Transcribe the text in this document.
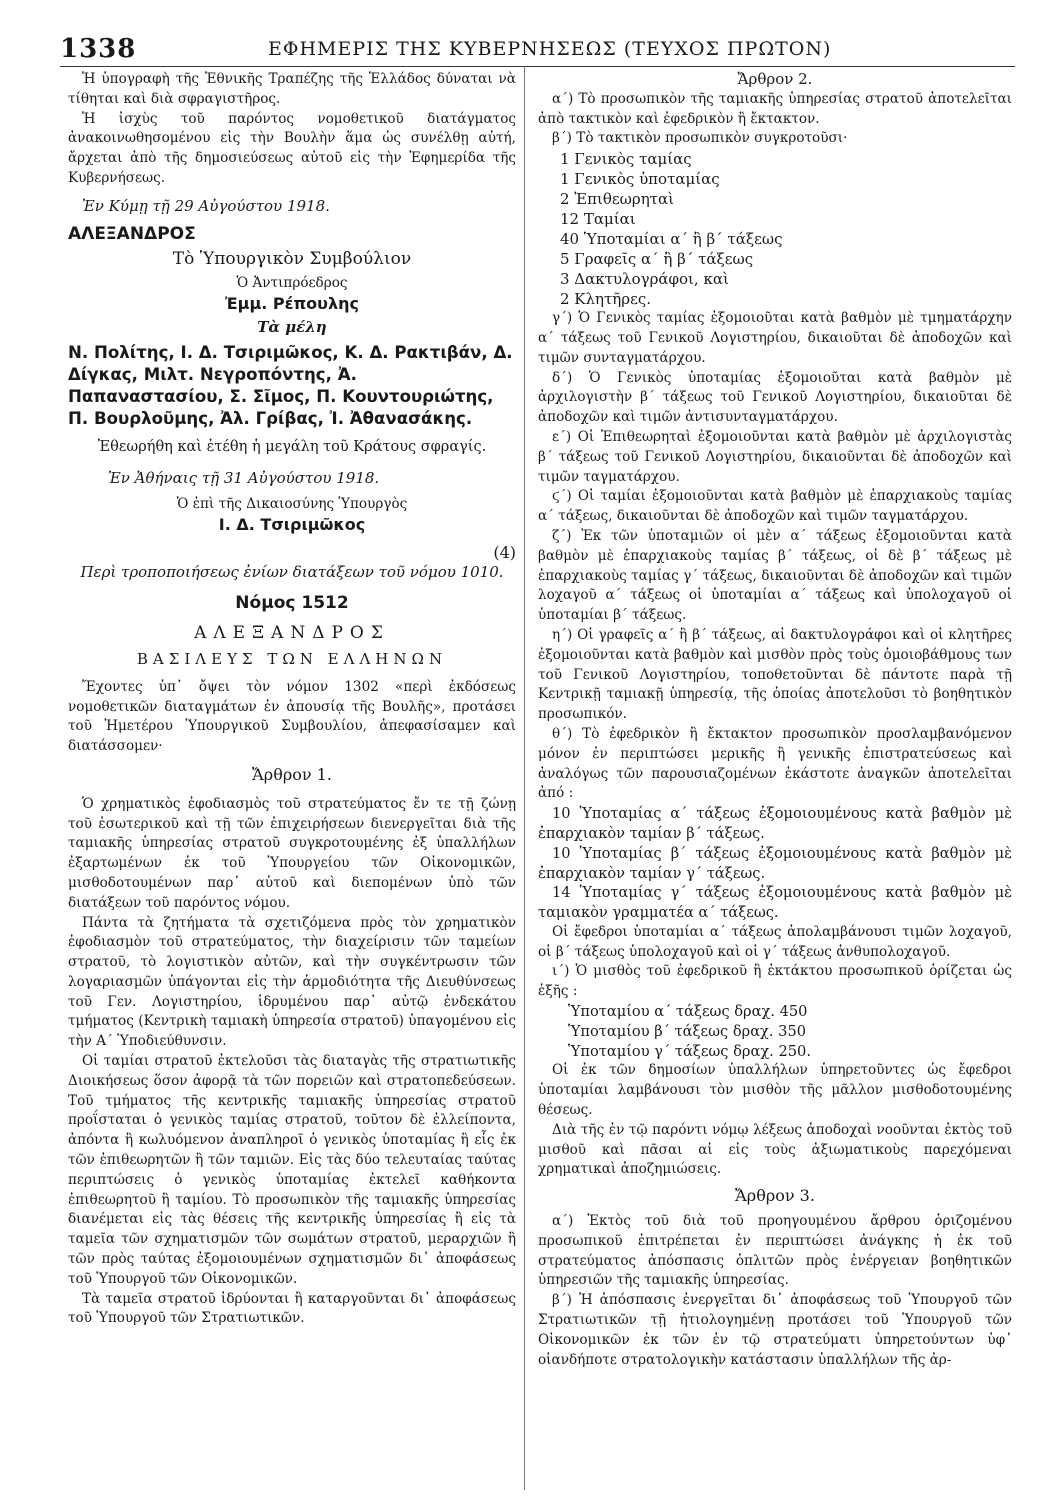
1338	ΕΦΗΜΕΡΙΣ ΤΗΣ ΚΥΒΕΡΝΗΣΕΩΣ (ΤΕΥΧΟΣ ΠΡΩΤΟΝ)

Ἡ ὑπογραφὴ τῆς Ἐθνικῆς Τραπέζης τῆς Ἑλλάδος δύναται νὰ τίθηται καὶ διὰ σφραγιστῆρος.

Ἡ ἰσχὺς τοῦ παρόντος νομοθετικοῦ διατάγματος ἀνακοινωθησομένου εἰς τὴν Βουλὴν ἅμα ὡς συνέλθῃ αὐτή, ἄρχεται ἀπὸ τῆς δημοσιεύσεως αὐτοῦ εἰς τὴν Ἐφημερίδα τῆς Κυβερνήσεως.

Ἐν Κύμῃ τῇ 29 Αὐγούστου 1918.

ΑΛΕΞΑΝΔΡΟΣ

Τὸ Ὑπουργικὸν Συμβούλιον

Ὁ Ἀντιπρόεδρος

Ἐμμ. Ρέπουλης

Τὰ μέλη

Ν. Πολίτης, Ι. Δ. Τσιριμῶκος, Κ. Δ. Ρακτιβάν, Δ. Δίγκας, Μιλτ. Νεγροπόντης, Ἀ. Παπαναστασίου, Σ. Σῖμος, Π. Κουντουριώτης, Π. Βουρλοῦμης, Ἀλ. Γρίβας, Ἰ. Ἀθανασάκης.

Ἐθεωρήθη καὶ ἐτέθη ἡ μεγάλη τοῦ Κράτους σφραγίς.

Ἐν Ἀθήναις τῇ 31 Αὐγούστου 1918.

Ὁ ἐπὶ τῆς Δικαιοσύνης Ὑπουργὸς

Ι. Δ. Τσιριμῶκος

(4)

Περὶ τροποποιήσεως ἐνίων διατάξεων τοῦ νόμου 1010.

Νόμος 1512

ΑΛΕΞΑΝΔΡΟΣ

ΒΑΣΙΛΕΥΣ ΤΩΝ ΕΛΛΗΝΩΝ

Ἔχοντες ὑπ᾿ ὄψει τὸν νόμον 1302 «περὶ ἐκδόσεως νομοθετικῶν διαταγμάτων ἐν ἀπουσίᾳ τῆς Βουλῆς», προτάσει τοῦ Ἡμετέρου Ὑπουργικοῦ Συμβουλίου, ἀπεφασίσαμεν καὶ διατάσσομεν·

Ἄρθρον 1.

Ὁ χρηματικὸς ἐφοδιασμὸς τοῦ στρατεύματος ἔν τε τῇ ζώνῃ τοῦ ἐσωτερικοῦ καὶ τῇ τῶν ἐπιχειρήσεων διενεργεῖται διὰ τῆς ταμιακῆς ὑπηρεσίας στρατοῦ συγκροτουμένης ἐξ ὑπαλλήλων ἐξαρτωμένων ἐκ τοῦ Ὑπουργείου τῶν Οἰκονομικῶν, μισθοδοτουμένων παρ᾿ αὐτοῦ καὶ διεπομένων ὑπὸ τῶν διατάξεων τοῦ παρόντος νόμου.

Πάντα τὰ ζητήματα τὰ σχετιζόμενα πρὸς τὸν χρηματικὸν ἐφοδιασμὸν τοῦ στρατεύματος, τὴν διαχείρισιν τῶν ταμείων στρατοῦ, τὸ λογιστικὸν αὐτῶν, καὶ τὴν συγκέντρωσιν τῶν λογαριασμῶν ὑπάγονται εἰς τὴν ἁρμοδιότητα τῆς Διευθύνσεως τοῦ Γεν. Λογιστηρίου, ἱδρυμένου παρ᾿ αὐτῷ ἐνδεκάτου τμήματος (Κεντρικὴ ταμιακὴ ὑπηρεσία στρατοῦ) ὑπαγομένου εἰς τὴν Α΄ Ὑποδιεύθυνσιν.

Οἱ ταμίαι στρατοῦ ἐκτελοῦσι τὰς διαταγὰς τῆς στρατιωτικῆς Διοικήσεως ὅσον ἀφορᾷ τὰ τῶν πορειῶν καὶ στρατοπεδεύσεων. Τοῦ τμήματος τῆς κεντρικῆς ταμιακῆς ὑπηρεσίας στρατοῦ προΐσταται ὁ γενικὸς ταμίας στρατοῦ, τοῦτον δὲ ἐλλείποντα, ἀπόντα ἢ κωλυόμενον ἀναπληροῖ ὁ γενικὸς ὑποταμίας ἢ εἷς ἐκ τῶν ἐπιθεωρητῶν ἢ τῶν ταμιῶν. Εἰς τὰς δύο τελευταίας ταύτας περιπτώσεις ὁ γενικὸς ὑποταμίας ἐκτελεῖ καθήκοντα ἐπιθεωρητοῦ ἢ ταμίου. Τὸ προσωπικὸν τῆς ταμιακῆς ὑπηρεσίας διανέμεται εἰς τὰς θέσεις τῆς κεντρικῆς ὑπηρεσίας ἢ εἰς τὰ ταμεῖα τῶν σχηματισμῶν τῶν σωμάτων στρατοῦ, μεραρχιῶν ἢ τῶν πρὸς ταύτας ἐξομοιουμένων σχηματισμῶν δι᾿ ἀποφάσεως τοῦ Ὑπουργοῦ τῶν Οἰκονομικῶν.

Τὰ ταμεῖα στρατοῦ ἱδρύονται ἢ καταργοῦνται δι᾿ ἀποφάσεως τοῦ Ὑπουργοῦ τῶν Στρατιωτικῶν.

Ἄρθρον 2.

α΄) Τὸ προσωπικὸν τῆς ταμιακῆς ὑπηρεσίας στρατοῦ ἀποτελεῖται ἀπὸ τακτικὸν καὶ ἐφεδρικὸν ἢ ἔκτακτον.

β΄) Τὸ τακτικὸν προσωπικὸν συγκροτοῦσι·

1 Γενικὸς ταμίας

1 Γενικὸς ὑποταμίας

2 Ἐπιθεωρηταὶ

12 Ταμίαι

40 Ὑποταμίαι α΄ ἢ β΄ τάξεως

5 Γραφεῖς α΄ ἢ β΄ τάξεως

3 Δακτυλογράφοι, καὶ

2 Κλητῆρες.

γ΄) Ὁ Γενικὸς ταμίας ἐξομοιοῦται κατὰ βαθμὸν μὲ τμηματάρχην α΄ τάξεως τοῦ Γενικοῦ Λογιστηρίου, δικαιοῦται δὲ ἀποδοχῶν καὶ τιμῶν συνταγματάρχου.

δ΄) Ὁ Γενικὸς ὑποταμίας ἐξομοιοῦται κατὰ βαθμὸν μὲ ἀρχιλογιστὴν β΄ τάξεως τοῦ Γενικοῦ Λογιστηρίου, δικαιοῦται δὲ ἀποδοχῶν καὶ τιμῶν ἀντισυνταγματάρχου.

ε΄) Οἱ Ἐπιθεωρηταὶ ἐξομοιοῦνται κατὰ βαθμὸν μὲ ἀρχιλογιστὰς β΄ τάξεως τοῦ Γενικοῦ Λογιστηρίου, δικαιοῦνται δὲ ἀποδοχῶν καὶ τιμῶν ταγματάρχου.

ϛ΄) Οἱ ταμίαι ἐξομοιοῦνται κατὰ βαθμὸν μὲ ἐπαρχιακοὺς ταμίας α΄ τάξεως, δικαιοῦνται δὲ ἀποδοχῶν καὶ τιμῶν ταγματάρχου.

ζ΄) Ἐκ τῶν ὑποταμιῶν οἱ μὲν α΄ τάξεως ἐξομοιοῦνται κατὰ βαθμὸν μὲ ἐπαρχιακοὺς ταμίας β΄ τάξεως, οἱ δὲ β΄ τάξεως μὲ ἐπαρχιακοὺς ταμίας γ΄ τάξεως, δικαιοῦνται δὲ ἀποδοχῶν καὶ τιμῶν λοχαγοῦ α΄ τάξεως οἱ ὑποταμίαι α΄ τάξεως καὶ ὑπολοχαγοῦ οἱ ὑποταμίαι β΄ τάξεως.

η΄) Οἱ γραφεῖς α΄ ἢ β΄ τάξεως, αἱ δακτυλογράφοι καὶ οἱ κλητῆρες ἐξομοιοῦνται κατὰ βαθμὸν καὶ μισθὸν πρὸς τοὺς ὁμοιοβάθμους των τοῦ Γενικοῦ Λογιστηρίου, τοποθετοῦνται δὲ πάντοτε παρὰ τῇ Κεντρικῇ ταμιακῇ ὑπηρεσίᾳ, τῆς ὁποίας ἀποτελοῦσι τὸ βοηθητικὸν προσωπικόν.

θ΄) Τὸ ἐφεδρικὸν ἢ ἔκτακτον προσωπικὸν προσλαμβανόμενον μόνον ἐν περιπτώσει μερικῆς ἢ γενικῆς ἐπιστρατεύσεως καὶ ἀναλόγως τῶν παρουσιαζομένων ἑκάστοτε ἀναγκῶν ἀποτελεῖται ἀπό :

10 Ὑποταμίας α΄ τάξεως ἐξομοιουμένους κατὰ βαθμὸν μὲ ἐπαρχιακὸν ταμίαν β΄ τάξεως.

10 Ὑποταμίας β΄ τάξεως ἐξομοιουμένους κατὰ βαθμὸν μὲ ἐπαρχιακὸν ταμίαν γ΄ τάξεως.

14 Ὑποταμίας γ΄ τάξεως ἐξομοιουμένους κατὰ βαθμὸν μὲ ταμιακὸν γραμματέα α΄ τάξεως.

Οἱ ἔφεδροι ὑποταμίαι α΄ τάξεως ἀπολαμβάνουσι τιμῶν λοχαγοῦ, οἱ β΄ τάξεως ὑπολοχαγοῦ καὶ οἱ γ΄ τάξεως ἀνθυπολοχαγοῦ.

ι΄) Ὁ μισθὸς τοῦ ἐφεδρικοῦ ἢ ἐκτάκτου προσωπικοῦ ὁρίζεται ὡς ἑξῆς :

Ὑποταμίου α΄ τάξεως δραχ. 450

Ὑποταμίου β΄ τάξεως δραχ. 350

Ὑποταμίου γ΄ τάξεως δραχ. 250.

Οἱ ἐκ τῶν δημοσίων ὑπαλλήλων ὑπηρετοῦντες ὡς ἔφεδροι ὑποταμίαι λαμβάνουσι τὸν μισθὸν τῆς μᾶλλον μισθοδοτουμένης θέσεως.

Διὰ τῆς ἐν τῷ παρόντι νόμῳ λέξεως ἀποδοχαὶ νοοῦνται ἐκτὸς τοῦ μισθοῦ καὶ πᾶσαι αἱ εἰς τοὺς ἀξιωματικοὺς παρεχόμεναι χρηματικαὶ ἀποζημιώσεις.

Ἄρθρον 3.

α΄) Ἐκτὸς τοῦ διὰ τοῦ προηγουμένου ἄρθρου ὁριζομένου προσωπικοῦ ἐπιτρέπεται ἐν περιπτώσει ἀνάγκης ἡ ἐκ τοῦ στρατεύματος ἀπόσπασις ὁπλιτῶν πρὸς ἐνέργειαν βοηθητικῶν ὑπηρεσιῶν τῆς ταμιακῆς ὑπηρεσίας.

β΄) Ἡ ἀπόσπασις ἐνεργεῖται δι᾿ ἀποφάσεως τοῦ Ὑπουργοῦ τῶν Στρατιωτικῶν τῇ ἠτιολογημένῃ προτάσει τοῦ Ὑπουργοῦ τῶν Οἰκονομικῶν ἐκ τῶν ἐν τῷ στρατεύματι ὑπηρετούντων ὑφ᾿ οἱανδήποτε στρατολογικὴν κατάστασιν ὑπαλλήλων τῆς ἀρ-
